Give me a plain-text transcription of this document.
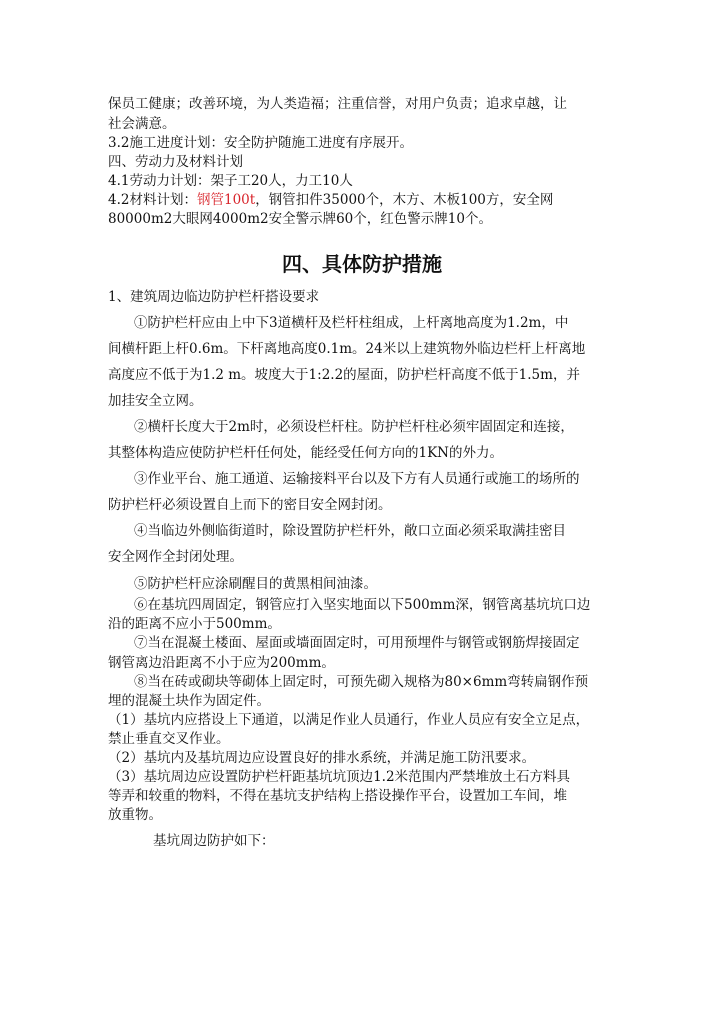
保员工健康；改善环境，为人类造福；注重信誉，对用户负责；追求卓越，让
社会满意。
3.2施工进度计划：安全防护随施工进度有序展开。
四、劳动力及材料计划
4.1劳动力计划：架子工20人，力工10人
4.2材料计划：钢管100t，钢管扣件35000个，木方、木板100方，安全网
80000m2大眼网4000m2安全警示牌60个，红色警示牌10个。
四、具体防护措施
1、建筑周边临边防护栏杆搭设要求
①防护栏杆应由上中下3道横杆及栏杆柱组成，上杆离地高度为1.2m，中
间横杆距上杆0.6m。下杆离地高度0.1m。24米以上建筑物外临边栏杆上杆离地
高度应不低于为1.2 m。坡度大于1:2.2的屋面，防护栏杆高度不低于1.5m，并
加挂安全立网。
②横杆长度大于2m时，必须设栏杆柱。防护栏杆柱必须牢固固定和连接，
其整体构造应使防护栏杆任何处，能经受任何方向的1KN的外力。
③作业平台、施工通道、运输接料平台以及下方有人员通行或施工的场所的
防护栏杆必须设置自上而下的密目安全网封闭。
④当临边外侧临街道时，除设置防护栏杆外，敞口立面必须采取满挂密目
安全网作全封闭处理。
⑤防护栏杆应涂刷醒目的黄黑相间油漆。
⑥在基坑四周固定，钢管应打入坚实地面以下500mm深，钢管离基坑坑口边
沿的距离不应小于500mm。
⑦当在混凝土楼面、屋面或墙面固定时，可用预埋件与钢管或钢筋焊接固定
钢管离边沿距离不小于应为200mm。
⑧当在砖或砌块等砌体上固定时，可预先砌入规格为80×6mm弯转扁钢作预
埋的混凝土块作为固定件。
（1）基坑内应搭设上下通道，以满足作业人员通行，作业人员应有安全立足点，
禁止垂直交叉作业。
（2）基坑内及基坑周边应设置良好的排水系统，并满足施工防汛要求。
（3）基坑周边应设置防护栏杆距基坑坑顶边1.2米范围内严禁堆放土石方料具
等弄和较重的物料，不得在基坑支护结构上搭设操作平台，设置加工车间，堆
放重物。
基坑周边防护如下：
